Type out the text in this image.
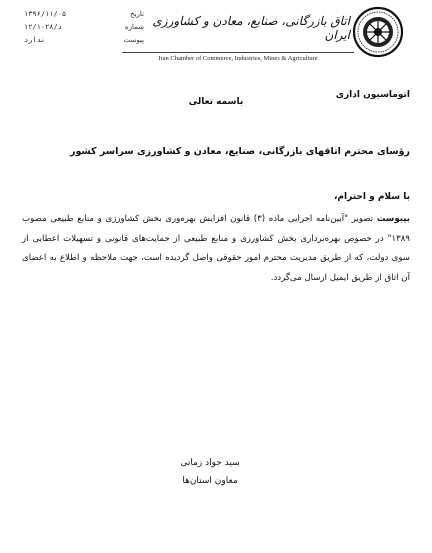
تاریخ
۱۳۹۶/۱۱/۰۵
شماره
۱۲/۱۰۲۸/د
پیوست
ندارد
اتاق بازرگانی، صنایع، معادن و کشاورزی ایران
Iran Chamber of Commerce, Industries, Mines & Agriculture
اتوماسیون اداری
باسمه تعالی
رؤسای محترم اتاقهای بازرگانی، صنایع، معادن و کشاورزی سراسر کشور
با سلام و احترام،
بپیوست تصویر "آیین‌نامه اجرایی ماده (۳) قانون افزایش بهره‌وری بخش کشاورزی و منابع طبیعی مصوب ۱۳۸۹" در خصوص بهره‌برداری بخش کشاورزی و منابع طبیعی از حمایت‌های قانونی و تسهیلات اعطایی از سوی دولت، که از طریق مدیریت محترم امور حقوقی واصل گردیده است، جهت ملاحظه و اطلاع به اعضای آن اتاق از طریق ایمیل ارسال می‌گردد.
سید جواد زمانی
معاون استان‌ها
